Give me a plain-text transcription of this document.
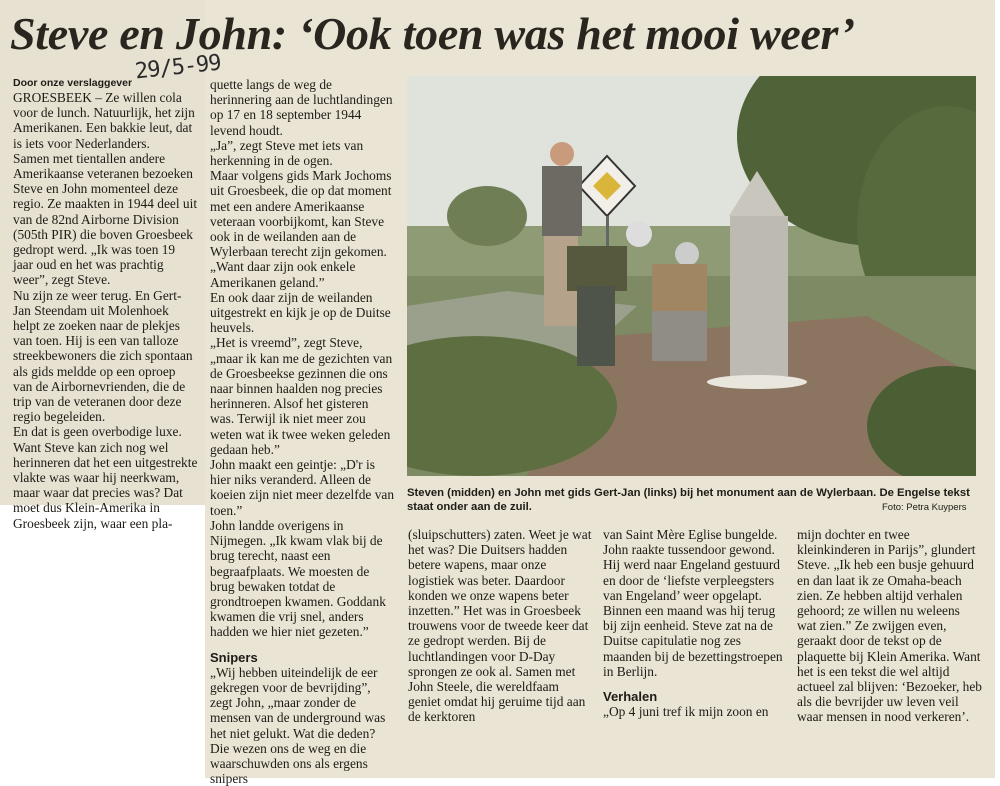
Steve en John: ‘Ook toen was het mooi weer’
29/5-99

Door onze verslaggever

GROESBEEK – Ze willen cola voor de lunch. Natuurlijk, het zijn Amerikanen. Een bakkie leut, dat is iets voor Nederlanders.

Samen met tientallen andere Amerikaanse veteranen bezoeken Steve en John momenteel deze regio. Ze maakten in 1944 deel uit van de 82nd Airborne Division (505th PIR) die boven Groesbeek gedropt werd. „Ik was toen 19 jaar oud en het was prachtig weer”, zegt Steve.

Nu zijn ze weer terug. En Gert-Jan Steendam uit Molenhoek helpt ze zoeken naar de plekjes van toen. Hij is een van talloze streekbewoners die zich spontaan als gids meldde op een oproep van de Airbornevrienden, die de trip van de veteranen door deze regio begeleiden.

En dat is geen overbodige luxe. Want Steve kan zich nog wel herinneren dat het een uitgestrekte vlakte was waar hij neerkwam, maar waar dat precies was? Dat moet dus Klein-Amerika in Groesbeek zijn, waar een pla-

quette langs de weg de herinnering aan de luchtlandingen op 17 en 18 september 1944 levend houdt.

„Ja”, zegt Steve met iets van herkenning in de ogen.

Maar volgens gids Mark Jochoms uit Groesbeek, die op dat moment met een andere Amerikaanse veteraan voorbijkomt, kan Steve ook in de weilanden aan de Wylerbaan terecht zijn gekomen. „Want daar zijn ook enkele Amerikanen geland.”

En ook daar zijn de weilanden uitgestrekt en kijk je op de Duitse heuvels.

„Het is vreemd”, zegt Steve, „maar ik kan me de gezichten van de Groesbeekse gezinnen die ons naar binnen haalden nog precies herinneren. Alsof het gisteren was. Terwijl ik niet meer zou weten wat ik twee weken geleden gedaan heb.”

John maakt een geintje: „D'r is hier niks veranderd. Alleen de koeien zijn niet meer dezelfde van toen.”

John landde overigens in Nijmegen. „Ik kwam vlak bij de brug terecht, naast een begraafplaats. We moesten de brug bewaken totdat de grondtroepen kwamen. Goddank kwamen die vrij snel, anders hadden we hier niet gezeten.”

Snipers

„Wij hebben uiteindelijk de eer gekregen voor de bevrijding”, zegt John, „maar zonder de mensen van de underground was het niet gelukt. Wat die deden? Die wezen ons de weg en die waarschuwden ons als ergens snipers

Steven (midden) en John met gids Gert-Jan (links) bij het monument aan de Wylerbaan. De Engelse tekst staat onder aan de zuil.	Foto: Petra Kuypers

(sluipschutters) zaten. Weet je wat het was? Die Duitsers hadden betere wapens, maar onze logistiek was beter. Daardoor konden we onze wapens beter inzetten.” Het was in Groesbeek trouwens voor de tweede keer dat ze gedropt werden. Bij de luchtlandingen voor D-Day sprongen ze ook al. Samen met John Steele, die wereldfaam geniet omdat hij geruime tijd aan de kerktoren

van Saint Mère Eglise bungelde. John raakte tussendoor gewond. Hij werd naar Engeland gestuurd en door de ‘liefste verpleegsters van Engeland’ weer opgelapt. Binnen een maand was hij terug bij zijn eenheid. Steve zat na de Duitse capitulatie nog zes maanden bij de bezettingstroepen in Berlijn.

Verhalen

„Op 4 juni tref ik mijn zoon en

mijn dochter en twee kleinkinderen in Parijs”, glundert Steve. „Ik heb een busje gehuurd en dan laat ik ze Omaha-beach zien. Ze hebben altijd verhalen gehoord; ze willen nu weleens wat zien.” Ze zwijgen even, geraakt door de tekst op de plaquette bij Klein Amerika. Want het is een tekst die wel altijd actueel zal blijven: ‘Bezoeker, heb als die bevrijder uw leven veil waar mensen in nood verkeren’.
